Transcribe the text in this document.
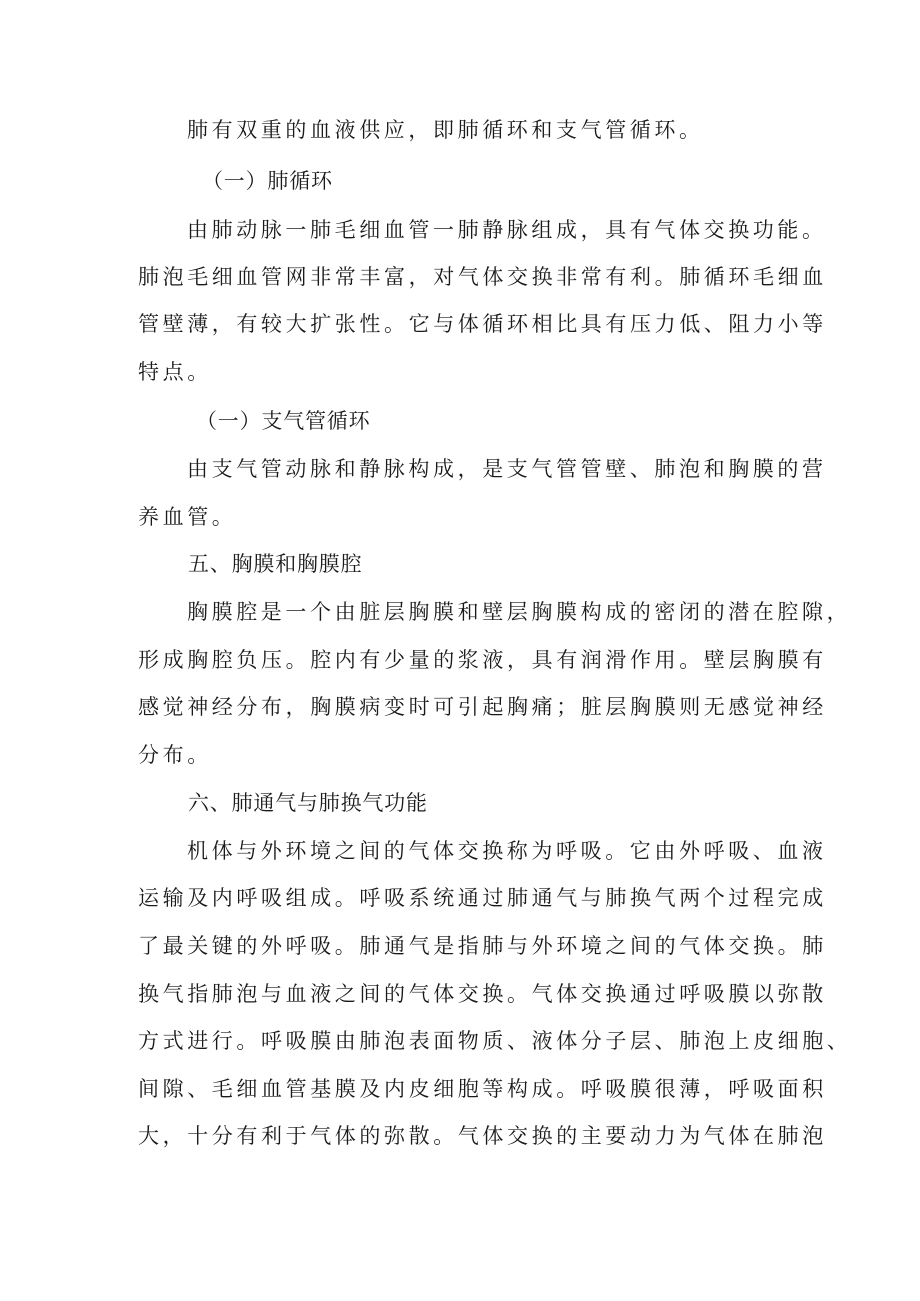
肺有双重的血液供应，即肺循环和支气管循环。
（一）肺循环
由肺动脉一肺毛细血管一肺静脉组成，具有气体交换功能。
肺泡毛细血管网非常丰富，对气体交换非常有利。肺循环毛细血
管壁薄，有较大扩张性。它与体循环相比具有压力低、阻力小等
特点。
（一）支气管循环
由支气管动脉和静脉构成，是支气管管壁、肺泡和胸膜的营
养血管。
五、胸膜和胸膜腔
胸膜腔是一个由脏层胸膜和壁层胸膜构成的密闭的潜在腔隙，
形成胸腔负压。腔内有少量的浆液，具有润滑作用。壁层胸膜有
感觉神经分布，胸膜病变时可引起胸痛；脏层胸膜则无感觉神经
分布。
六、肺通气与肺换气功能
机体与外环境之间的气体交换称为呼吸。它由外呼吸、血液
运输及内呼吸组成。呼吸系统通过肺通气与肺换气两个过程完成
了最关键的外呼吸。肺通气是指肺与外环境之间的气体交换。肺
换气指肺泡与血液之间的气体交换。气体交换通过呼吸膜以弥散
方式进行。呼吸膜由肺泡表面物质、液体分子层、肺泡上皮细胞、
间隙、毛细血管基膜及内皮细胞等构成。呼吸膜很薄，呼吸面积
大，十分有利于气体的弥散。气体交换的主要动力为气体在肺泡
